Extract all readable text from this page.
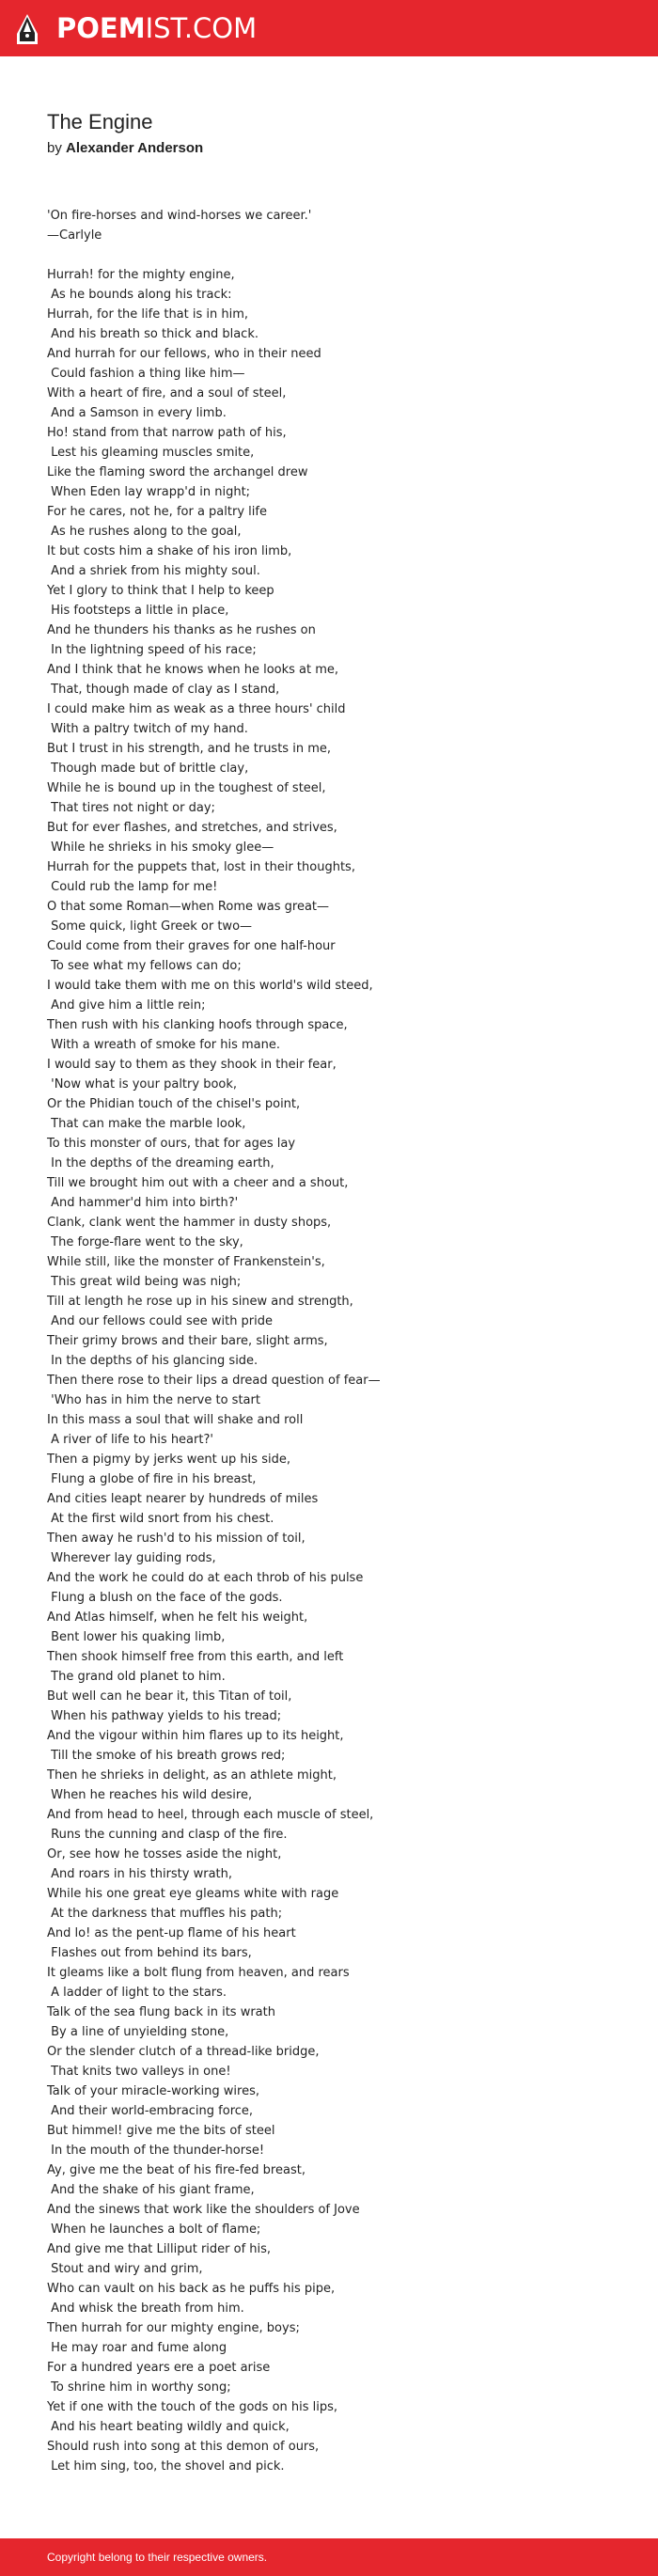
POEMIST.COM
The Engine
by Alexander Anderson
'On fire-horses and wind-horses we career.'
—Carlyle
Hurrah! for the mighty engine,
As he bounds along his track:
Hurrah, for the life that is in him,
And his breath so thick and black.
And hurrah for our fellows, who in their need
Could fashion a thing like him—
With a heart of fire, and a soul of steel,
And a Samson in every limb.
Ho! stand from that narrow path of his,
Lest his gleaming muscles smite,
Like the flaming sword the archangel drew
When Eden lay wrapp'd in night;
For he cares, not he, for a paltry life
As he rushes along to the goal,
It but costs him a shake of his iron limb,
And a shriek from his mighty soul.
Yet I glory to think that I help to keep
His footsteps a little in place,
And he thunders his thanks as he rushes on
In the lightning speed of his race;
And I think that he knows when he looks at me,
That, though made of clay as I stand,
I could make him as weak as a three hours' child
With a paltry twitch of my hand.
But I trust in his strength, and he trusts in me,
Though made but of brittle clay,
While he is bound up in the toughest of steel,
That tires not night or day;
But for ever flashes, and stretches, and strives,
While he shrieks in his smoky glee—
Hurrah for the puppets that, lost in their thoughts,
Could rub the lamp for me!
O that some Roman—when Rome was great—
Some quick, light Greek or two—
Could come from their graves for one half-hour
To see what my fellows can do;
I would take them with me on this world's wild steed,
And give him a little rein;
Then rush with his clanking hoofs through space,
With a wreath of smoke for his mane.
I would say to them as they shook in their fear,
'Now what is your paltry book,
Or the Phidian touch of the chisel's point,
That can make the marble look,
To this monster of ours, that for ages lay
In the depths of the dreaming earth,
Till we brought him out with a cheer and a shout,
And hammer'd him into birth?'
Clank, clank went the hammer in dusty shops,
The forge-flare went to the sky,
While still, like the monster of Frankenstein's,
This great wild being was nigh;
Till at length he rose up in his sinew and strength,
And our fellows could see with pride
Their grimy brows and their bare, slight arms,
In the depths of his glancing side.
Then there rose to their lips a dread question of fear—
'Who has in him the nerve to start
In this mass a soul that will shake and roll
A river of life to his heart?'
Then a pigmy by jerks went up his side,
Flung a globe of fire in his breast,
And cities leapt nearer by hundreds of miles
At the first wild snort from his chest.
Then away he rush'd to his mission of toil,
Wherever lay guiding rods,
And the work he could do at each throb of his pulse
Flung a blush on the face of the gods.
And Atlas himself, when he felt his weight,
Bent lower his quaking limb,
Then shook himself free from this earth, and left
The grand old planet to him.
But well can he bear it, this Titan of toil,
When his pathway yields to his tread;
And the vigour within him flares up to its height,
Till the smoke of his breath grows red;
Then he shrieks in delight, as an athlete might,
When he reaches his wild desire,
And from head to heel, through each muscle of steel,
Runs the cunning and clasp of the fire.
Or, see how he tosses aside the night,
And roars in his thirsty wrath,
While his one great eye gleams white with rage
At the darkness that muffles his path;
And lo! as the pent-up flame of his heart
Flashes out from behind its bars,
It gleams like a bolt flung from heaven, and rears
A ladder of light to the stars.
Talk of the sea flung back in its wrath
By a line of unyielding stone,
Or the slender clutch of a thread-like bridge,
That knits two valleys in one!
Talk of your miracle-working wires,
And their world-embracing force,
But himmel! give me the bits of steel
In the mouth of the thunder-horse!
Ay, give me the beat of his fire-fed breast,
And the shake of his giant frame,
And the sinews that work like the shoulders of Jove
When he launches a bolt of flame;
And give me that Lilliput rider of his,
Stout and wiry and grim,
Who can vault on his back as he puffs his pipe,
And whisk the breath from him.
Then hurrah for our mighty engine, boys;
He may roar and fume along
For a hundred years ere a poet arise
To shrine him in worthy song;
Yet if one with the touch of the gods on his lips,
And his heart beating wildly and quick,
Should rush into song at this demon of ours,
Let him sing, too, the shovel and pick.
Copyright belong to their respective owners.
